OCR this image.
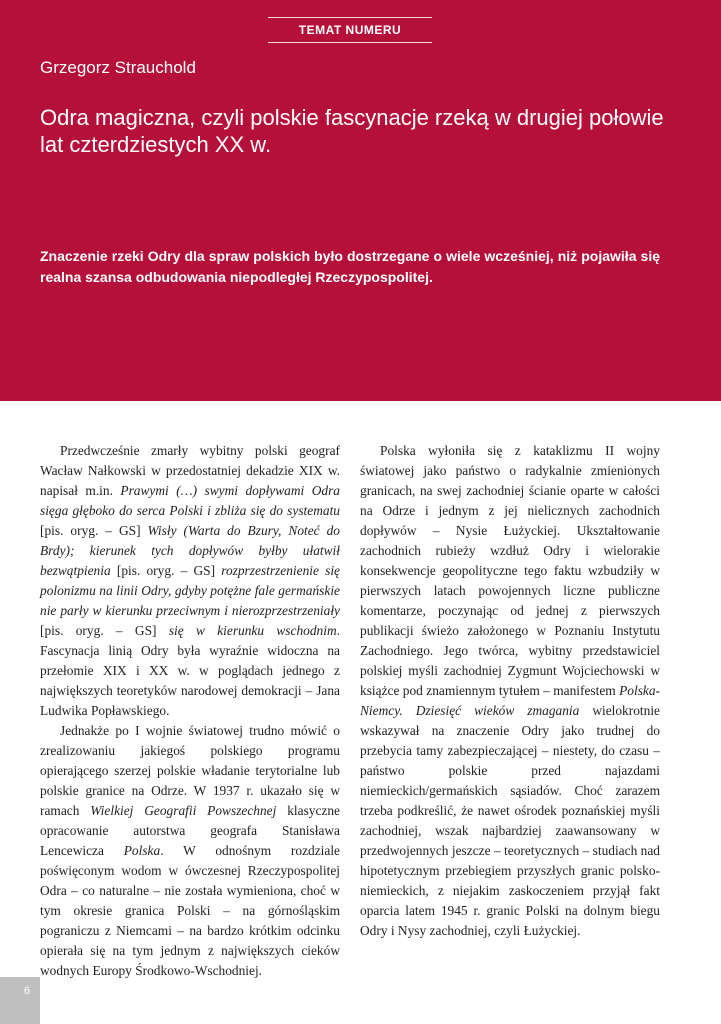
TEMAT NUMERU
Grzegorz Strauchold
Odra magiczna, czyli polskie fascynacje rzeką w drugiej połowie lat czterdziestych XX w.

Znaczenie rzeki Odry dla spraw polskich było dostrzegane o wiele wcześniej, niż pojawiła się realna szansa odbudowania niepodległej Rzeczypospolitej.

Przedwcześnie zmarły wybitny polski geograf Wacław Nałkowski w przedostatniej dekadzie XIX w. napisał m.in. Prawymi (…) swymi dopływami Odra sięga głęboko do serca Polski i zbliża się do systematu [pis. oryg. – GS] Wisły (Warta do Bzury, Noteć do Brdy); kierunek tych dopływów byłby ułatwił bezwątpienia [pis. oryg. – GS] rozprzestrzenienie się polonizmu na linii Odry, gdyby potężne fale germańskie nie parły w kierunku przeciwnym i nierozprzestrzeniały [pis. oryg. – GS] się w kierunku wschodnim. Fascynacja linią Odry była wyraźnie widoczna na przełomie XIX i XX w. w poglądach jednego z największych teoretyków narodowej demokracji – Jana Ludwika Popławskiego.

Jednakże po I wojnie światowej trudno mówić o zrealizowaniu jakiegoś polskiego programu opierającego szerzej polskie władanie terytorialne lub polskie granice na Odrze. W 1937 r. ukazało się w ramach Wielkiej Geografii Powszechnej klasyczne opracowanie autorstwa geografa Stanisława Lencewicza Polska. W odnośnym rozdziale poświęconym wodom w ówczesnej Rzeczypospolitej Odra – co naturalne – nie została wymieniona, choć w tym okresie granica Polski – na górnośląskim pograniczu z Niemcami – na bardzo krótkim odcinku opierała się na tym jednym z największych cieków wodnych Europy Środkowo-Wschodniej.

Polska wyłoniła się z kataklizmu II wojny światowej jako państwo o radykalnie zmienionych granicach, na swej zachodniej ścianie oparte w całości na Odrze i jednym z jej nielicznych zachodnich dopływów – Nysie Łużyckiej. Ukształtowanie zachodnich rubieży wzdłuż Odry i wielorakie konsekwencje geopolityczne tego faktu wzbudziły w pierwszych latach powojennych liczne publiczne komentarze, poczynając od jednej z pierwszych publikacji świeżo założonego w Poznaniu Instytutu Zachodniego. Jego twórca, wybitny przedstawiciel polskiej myśli zachodniej Zygmunt Wojciechowski w książce pod znamiennym tytułem – manifestem Polska-Niemcy. Dziesięć wieków zmagania wielokrotnie wskazywał na znaczenie Odry jako trudnej do przebycia tamy zabezpieczającej – niestety, do czasu – państwo polskie przed najazdami niemieckich/germańskich sąsiadów. Choć zarazem trzeba podkreślić, że nawet ośrodek poznańskiej myśli zachodniej, wszak najbardziej zaawansowany w przedwojennych jeszcze – teoretycznych – studiach nad hipotetycznym przebiegiem przyszłych granic polsko-niemieckich, z niejakim zaskoczeniem przyjął fakt oparcia latem 1945 r. granic Polski na dolnym biegu Odry i Nysy zachodniej, czyli Łużyckiej.

6
